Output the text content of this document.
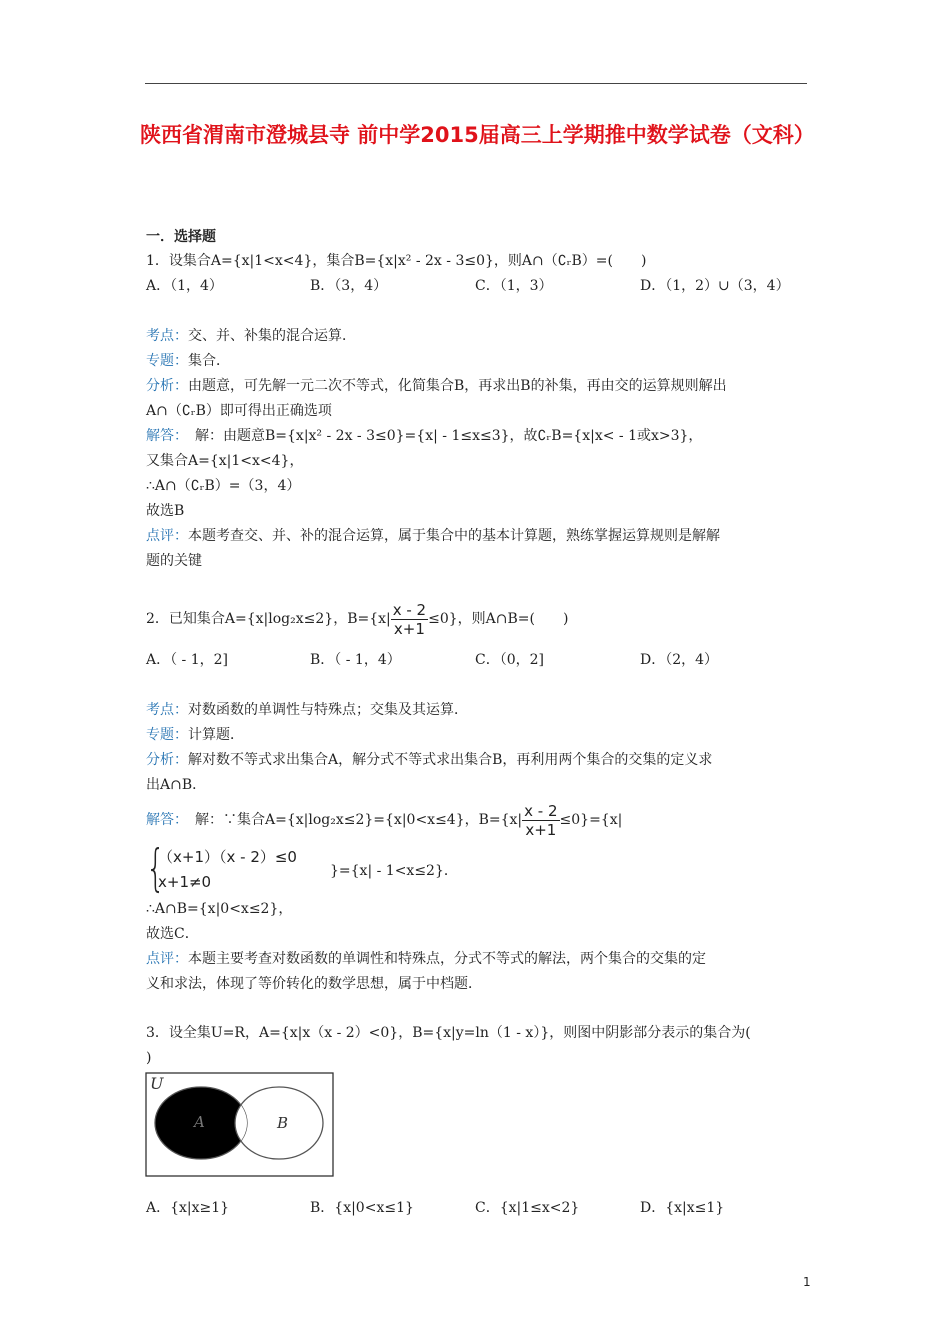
陕西省渭南市澄城县寺 前中学2015届高三上学期推中数学试卷（文科）
一．选择题
1．设集合A={x|1<x<4}，集合B={x|x² - 2x - 3≤0}，则A∩（∁ᵣB）=(　　)
A．（1，4）	B．（3，4）	C．（1，3）	D．（1，2）∪（3，4）
考点：交、并、补集的混合运算．
专题：集合．
分析：由题意，可先解一元二次不等式，化简集合B，再求出B的补集，再由交的运算规则解出
A∩（∁ᵣB）即可得出正确选项
解答：　解：由题意B={x|x² - 2x - 3≤0}={x| - 1≤x≤3}，故∁ᵣB={x|x< - 1或x>3}，
又集合A={x|1<x<4}，
∴A∩（∁ᵣB）=（3，4）
故选B
点评：本题考查交、并、补的混合运算，属于集合中的基本计算题，熟练掌握运算规则是解解
题的关键
2．已知集合A={x|log₂x≤2}，$B=\{x| \frac{x - 2}{x+1} \le 0\}$，则A∩B=(　　)
A．（ - 1，2]	B．（ - 1，4）	C．（0，2]	D．（2，4）
考点：对数函数的单调性与特殊点；交集及其运算．
专题：计算题．
分析：解对数不等式求出集合A，解分式不等式求出集合B，再利用两个集合的交集的定义求
出A∩B．
解答：　解：∵集合A={x|log₂x≤2}={x|0<x≤4}，$B=\{x| \frac{x - 2}{x+1} \le 0\}=\{x|$
{
（x+1）（x - 2）≤0
x+1≠0
}={x| - 1<x≤2}．
∴A∩B={x|0<x≤2}，
故选C．
点评：本题主要考查对数函数的单调性和特殊点，分式不等式的解法，两个集合的交集的定
义和求法，体现了等价转化的数学思想，属于中档题．
3．设全集U=R，A={x|x（x - 2）<0}，B={x|y=ln（1 - x）}，则图中阴影部分表示的集合为(
)
U
A	B
A．{x|x≥1}	B．{x|0<x≤1}	C．{x|1≤x<2}	D．{x|x≤1}
1
